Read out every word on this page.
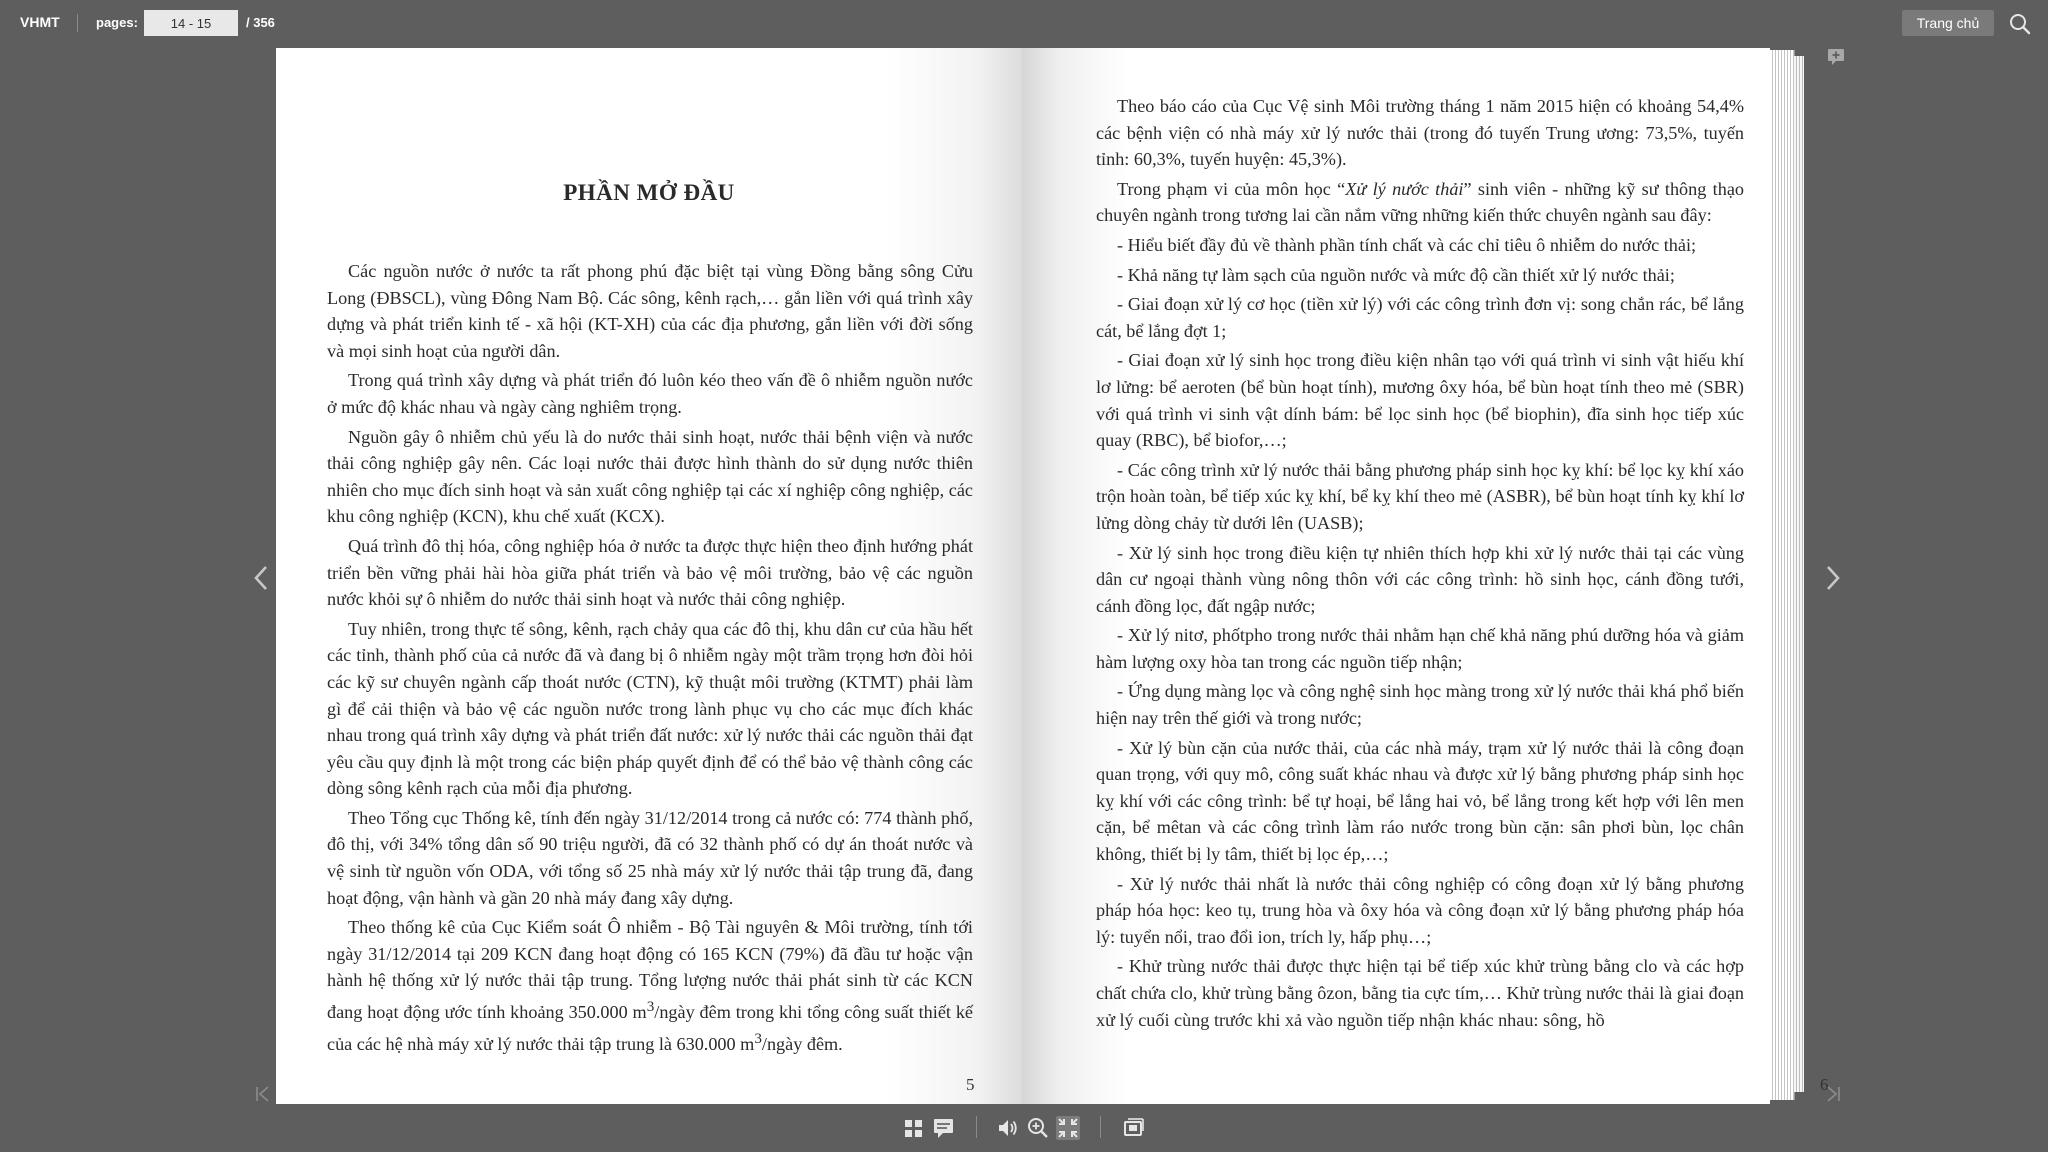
VHMT	pages:
14 - 15	/ 356	Trang chủ
PHẦN MỞ ĐẦU

Các nguồn nước ở nước ta rất phong phú đặc biệt tại vùng Đồng bằng sông Cửu Long (ĐBSCL), vùng Đông Nam Bộ. Các sông, kênh rạch,… gắn liền với quá trình xây dựng và phát triển kinh tế - xã hội (KT-XH) của các địa phương, gắn liền với đời sống và mọi sinh hoạt của người dân.

Trong quá trình xây dựng và phát triển đó luôn kéo theo vấn đề ô nhiễm nguồn nước ở mức độ khác nhau và ngày càng nghiêm trọng.

Nguồn gây ô nhiễm chủ yếu là do nước thải sinh hoạt, nước thải bệnh viện và nước thải công nghiệp gây nên. Các loại nước thải được hình thành do sử dụng nước thiên nhiên cho mục đích sinh hoạt và sản xuất công nghiệp tại các xí nghiệp công nghiệp, các khu công nghiệp (KCN), khu chế xuất (KCX).

Quá trình đô thị hóa, công nghiệp hóa ở nước ta được thực hiện theo định hướng phát triển bền vững phải hài hòa giữa phát triển và bảo vệ môi trường, bảo vệ các nguồn nước khỏi sự ô nhiễm do nước thải sinh hoạt và nước thải công nghiệp.

Tuy nhiên, trong thực tế sông, kênh, rạch chảy qua các đô thị, khu dân cư của hầu hết các tỉnh, thành phố của cả nước đã và đang bị ô nhiễm ngày một trầm trọng hơn đòi hỏi các kỹ sư chuyên ngành cấp thoát nước (CTN), kỹ thuật môi trường (KTMT) phải làm gì để cải thiện và bảo vệ các nguồn nước trong lành phục vụ cho các mục đích khác nhau trong quá trình xây dựng và phát triển đất nước: xử lý nước thải các nguồn thải đạt yêu cầu quy định là một trong các biện pháp quyết định để có thể bảo vệ thành công các dòng sông kênh rạch của mỗi địa phương.

Theo Tổng cục Thống kê, tính đến ngày 31/12/2014 trong cả nước có: 774 thành phố, đô thị, với 34% tổng dân số 90 triệu người, đã có 32 thành phố có dự án thoát nước và vệ sinh từ nguồn vốn ODA, với tổng số 25 nhà máy xử lý nước thải tập trung đã, đang hoạt động, vận hành và gần 20 nhà máy đang xây dựng.

Theo thống kê của Cục Kiểm soát Ô nhiễm - Bộ Tài nguyên & Môi trường, tính tới ngày 31/12/2014 tại 209 KCN đang hoạt động có 165 KCN (79%) đã đầu tư hoặc vận hành hệ thống xử lý nước thải tập trung. Tổng lượng nước thải phát sinh từ các KCN đang hoạt động ước tính khoảng 350.000 $m^3$/ngày đêm trong khi tổng công suất thiết kế của các hệ nhà máy xử lý nước thải tập trung là 630.000 $m^3$/ngày đêm.

5

Theo báo cáo của Cục Vệ sinh Môi trường tháng 1 năm 2015 hiện có khoảng 54,4% các bệnh viện có nhà máy xử lý nước thải (trong đó tuyến Trung ương: 73,5%, tuyến tỉnh: 60,3%, tuyến huyện: 45,3%).

Trong phạm vi của môn học “Xử lý nước thải” sinh viên - những kỹ sư thông thạo chuyên ngành trong tương lai cần nắm vững những kiến thức chuyên ngành sau đây:

- Hiểu biết đầy đủ về thành phần tính chất và các chỉ tiêu ô nhiễm do nước thải;

- Khả năng tự làm sạch của nguồn nước và mức độ cần thiết xử lý nước thải;

- Giai đoạn xử lý cơ học (tiền xử lý) với các công trình đơn vị: song chắn rác, bể lắng cát, bể lắng đợt 1;

- Giai đoạn xử lý sinh học trong điều kiện nhân tạo với quá trình vi sinh vật hiếu khí lơ lửng: bể aeroten (bể bùn hoạt tính), mương ôxy hóa, bể bùn hoạt tính theo mẻ (SBR) với quá trình vi sinh vật dính bám: bể lọc sinh học (bể biophin), đĩa sinh học tiếp xúc quay (RBC), bể biofor,…;

- Các công trình xử lý nước thải bằng phương pháp sinh học kỵ khí: bể lọc kỵ khí xáo trộn hoàn toàn, bể tiếp xúc kỵ khí, bể kỵ khí theo mẻ (ASBR), bể bùn hoạt tính kỵ khí lơ lửng dòng chảy từ dưới lên (UASB);

- Xử lý sinh học trong điều kiện tự nhiên thích hợp khi xử lý nước thải tại các vùng dân cư ngoại thành vùng nông thôn với các công trình: hồ sinh học, cánh đồng tưới, cánh đồng lọc, đất ngập nước;

- Xử lý nitơ, phốtpho trong nước thải nhằm hạn chế khả năng phú dưỡng hóa và giảm hàm lượng oxy hòa tan trong các nguồn tiếp nhận;

- Ứng dụng màng lọc và công nghệ sinh học màng trong xử lý nước thải khá phổ biến hiện nay trên thế giới và trong nước;

- Xử lý bùn cặn của nước thải, của các nhà máy, trạm xử lý nước thải là công đoạn quan trọng, với quy mô, công suất khác nhau và được xử lý bằng phương pháp sinh học kỵ khí với các công trình: bể tự hoại, bể lắng hai vỏ, bể lắng trong kết hợp với lên men cặn, bể mêtan và các công trình làm ráo nước trong bùn cặn: sân phơi bùn, lọc chân không, thiết bị ly tâm, thiết bị lọc ép,…;

- Xử lý nước thải nhất là nước thải công nghiệp có công đoạn xử lý bằng phương pháp hóa học: keo tụ, trung hòa và ôxy hóa và công đoạn xử lý bằng phương pháp hóa lý: tuyển nổi, trao đổi ion, trích ly, hấp phụ…;

- Khử trùng nước thải được thực hiện tại bể tiếp xúc khử trùng bằng clo và các hợp chất chứa clo, khử trùng bằng ôzon, bằng tia cực tím,… Khử trùng nước thải là giai đoạn xử lý cuối cùng trước khi xả vào nguồn tiếp nhận khác nhau: sông, hồ

6
